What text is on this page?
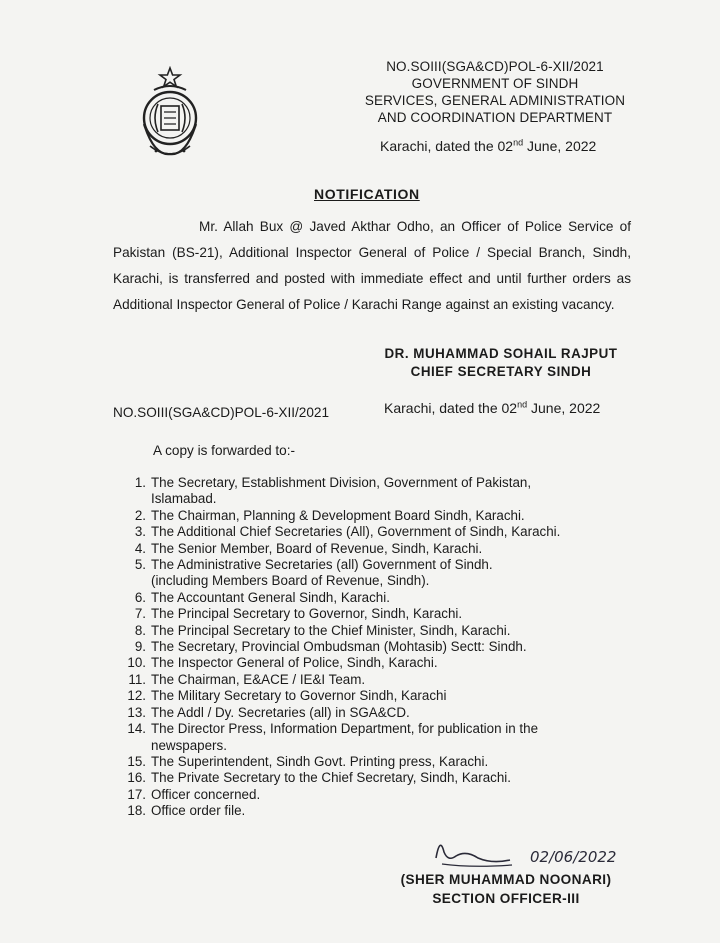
NO.SOIII(SGA&CD)POL-6-XII/2021
GOVERNMENT OF SINDH
SERVICES, GENERAL ADMINISTRATION
AND COORDINATION DEPARTMENT
Karachi, dated the 02nd June, 2022
NOTIFICATION
Mr. Allah Bux @ Javed Akthar Odho, an Officer of Police Service of Pakistan (BS-21), Additional Inspector General of Police / Special Branch, Sindh, Karachi, is transferred and posted with immediate effect and until further orders as Additional Inspector General of Police / Karachi Range against an existing vacancy.
DR. MUHAMMAD SOHAIL RAJPUT
CHIEF SECRETARY SINDH
NO.SOIII(SGA&CD)POL-6-XII/2021	Karachi, dated the 02nd June, 2022
A copy is forwarded to:-
1. The Secretary, Establishment Division, Government of Pakistan,
Islamabad.
2. The Chairman, Planning & Development Board Sindh, Karachi.
3. The Additional Chief Secretaries (All), Government of Sindh, Karachi.
4. The Senior Member, Board of Revenue, Sindh, Karachi.
5. The Administrative Secretaries (all) Government of Sindh.
(including Members Board of Revenue, Sindh).
6. The Accountant General Sindh, Karachi.
7. The Principal Secretary to Governor, Sindh, Karachi.
8. The Principal Secretary to the Chief Minister, Sindh, Karachi.
9. The Secretary, Provincial Ombudsman (Mohtasib) Sectt: Sindh.
10. The Inspector General of Police, Sindh, Karachi.
11. The Chairman, E&ACE / IE&I Team.
12. The Military Secretary to Governor Sindh, Karachi
13. The Addl / Dy. Secretaries (all) in SGA&CD.
14. The Director Press, Information Department, for publication in the
newspapers.
15. The Superintendent, Sindh Govt. Printing press, Karachi.
16. The Private Secretary to the Chief Secretary, Sindh, Karachi.
17. Officer concerned.
18. Office order file.
02/06/2022
(SHER MUHAMMAD NOONARI)
SECTION OFFICER-III
